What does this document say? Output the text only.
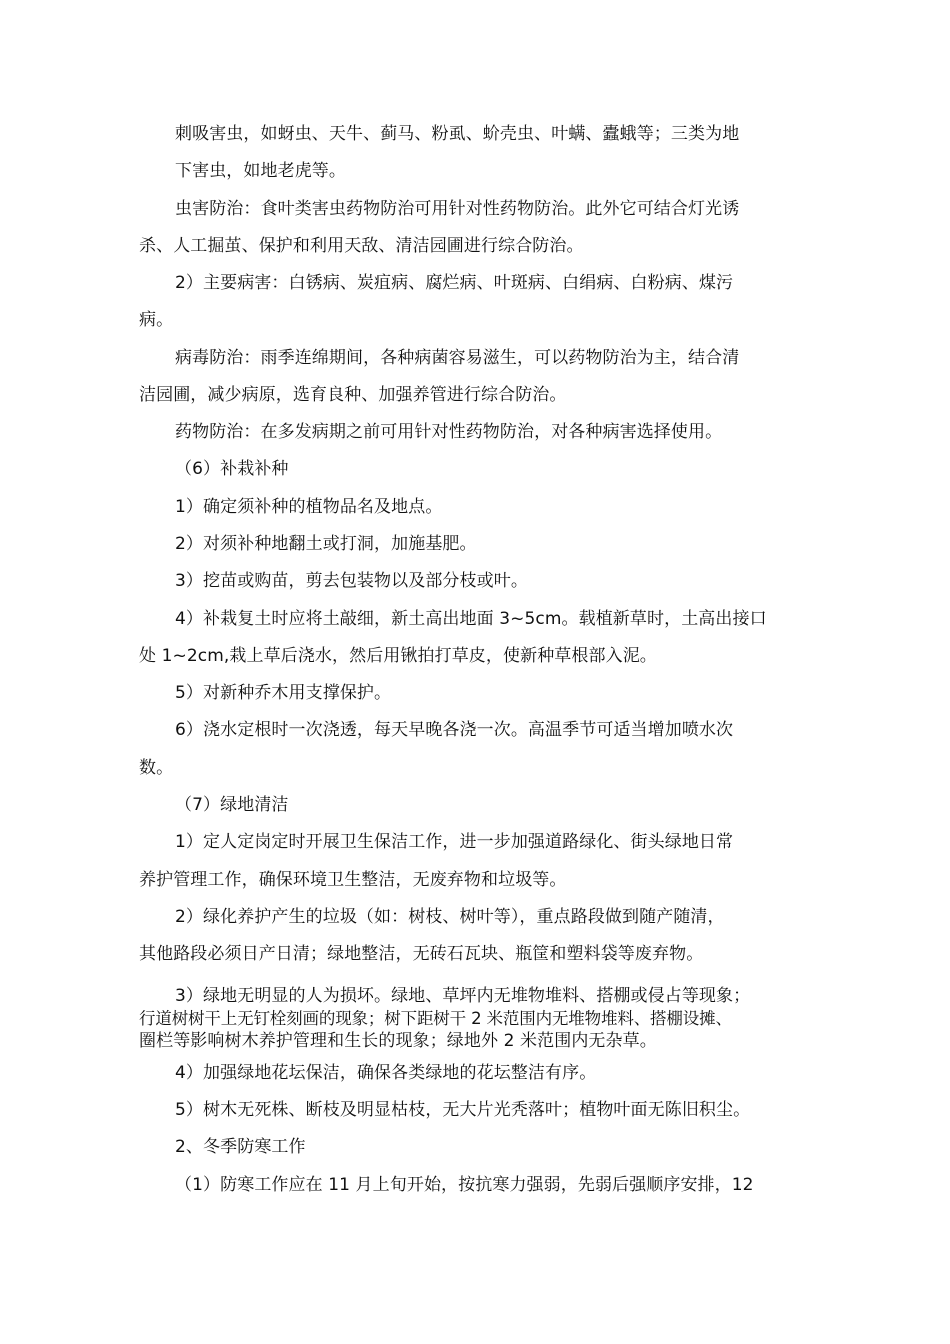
刺吸害虫，如蚜虫、天牛、蓟马、粉虱、蚧壳虫、叶螨、蠹蛾等；三类为地
下害虫，如地老虎等。
虫害防治：食叶类害虫药物防治可用针对性药物防治。此外它可结合灯光诱
杀、人工掘茧、保护和利用天敌、清洁园圃进行综合防治。
2）主要病害：白锈病、炭疽病、腐烂病、叶斑病、白绢病、白粉病、煤污
病。
病毒防治：雨季连绵期间，各种病菌容易滋生，可以药物防治为主，结合清
洁园圃，减少病原，选育良种、加强养管进行综合防治。
药物防治：在多发病期之前可用针对性药物防治，对各种病害选择使用。
（6）补栽补种
1）确定须补种的植物品名及地点。
2）对须补种地翻土或打洞，加施基肥。
3）挖苗或购苗，剪去包装物以及部分枝或叶。
4）补栽复土时应将土敲细，新土高出地面 3~5cm。载植新草时，土高出接口
处 1~2cm,栽上草后浇水，然后用锹拍打草皮，使新种草根部入泥。
5）对新种乔木用支撑保护。
6）浇水定根时一次浇透，每天早晚各浇一次。高温季节可适当增加喷水次
数。
（7）绿地清洁
1）定人定岗定时开展卫生保洁工作，进一步加强道路绿化、街头绿地日常
养护管理工作，确保环境卫生整洁，无废弃物和垃圾等。
2）绿化养护产生的垃圾（如：树枝、树叶等），重点路段做到随产随清，
其他路段必须日产日清；绿地整洁，无砖石瓦块、瓶筐和塑料袋等废弃物。
3）绿地无明显的人为损坏。绿地、草坪内无堆物堆料、搭棚或侵占等现象；
行道树树干上无钉栓刻画的现象；树下距树干 2 米范围内无堆物堆料、搭棚设摊、
圈栏等影响树木养护管理和生长的现象；绿地外 2 米范围内无杂草。
4）加强绿地花坛保洁，确保各类绿地的花坛整洁有序。
5）树木无死株、断枝及明显枯枝，无大片光秃落叶；植物叶面无陈旧积尘。
2、冬季防寒工作
（1）防寒工作应在 11 月上旬开始，按抗寒力强弱，先弱后强顺序安排，12
